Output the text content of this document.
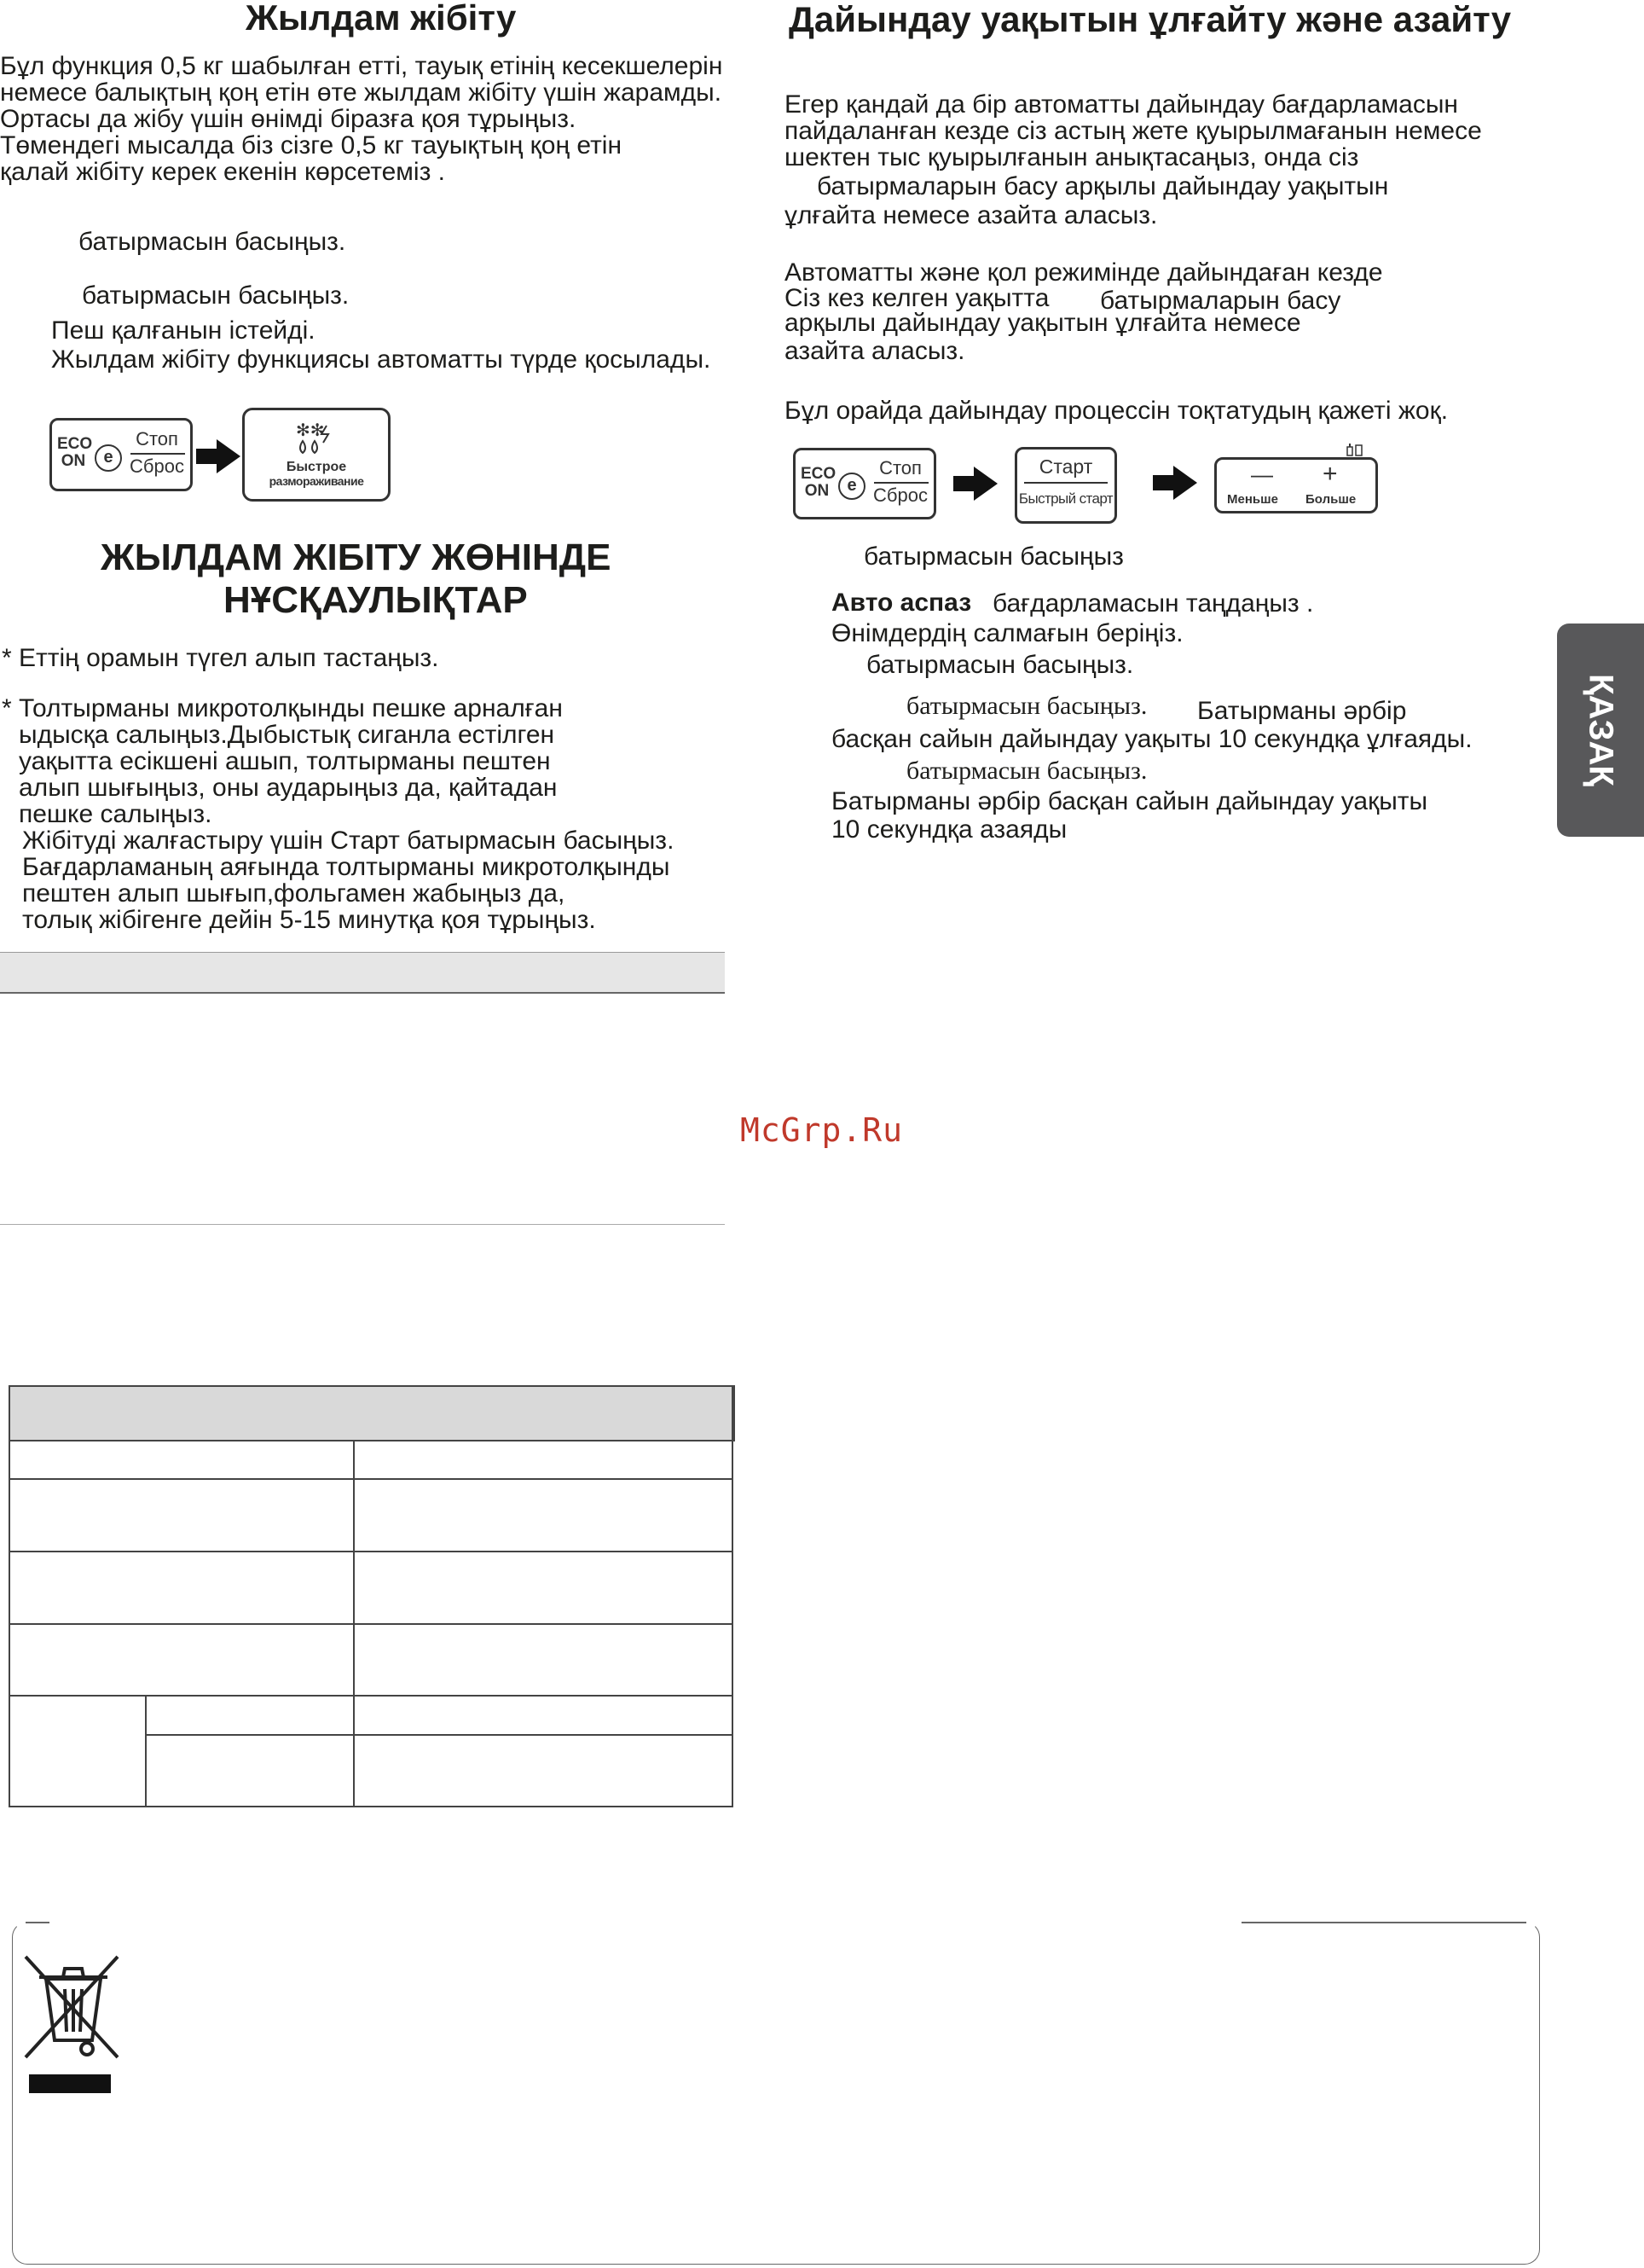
Жылдам жібіту
Бұл функция 0,5 кг шабылған етті, тауық етінің кесекшелерін
немесе балықтың қоң етін өте жылдам жібіту үшін жарамды.
Ортасы да жібу үшін өнімді біразға қоя тұрыңыз.
Төмендегі мысалда біз сізге 0,5 кг тауықтың қоң етін
қалай жібіту керек екенін көрсетеміз .
батырмасын басыңыз.
батырмасын басыңыз.
Пеш қалғанын істейді.
Жылдам жібіту функциясы автоматты түрде қосылады.
ECO
ON	e
Стоп
Сброс
✻✻
Быстрое
размораживание
ЖЫЛДАМ ЖІБІТУ ЖӨНІНДЕ
НҰСҚАУЛЫҚТАР
* Еттің орамын түгел алып тастаңыз.
* Толтырманы микротолқынды пешке арналған
ыдысқа салыңыз.Дыбыстық сиганла естілген
уақытта есікшені ашып, толтырманы пештен
алып шығыңыз, оны аударыңыз да, қайтадан
пешке салыңыз.
Жібітуді жалғастыру үшін Старт батырмасын басыңыз.
Бағдарламаның аяғында толтырманы микротолқынды
пештен алып шығып,фольгамен жабыңыз да,
толық жібігенге дейін 5-15 минутқа қоя тұрыңыз.
Дайындау уақытын ұлғайту және азайту
Егер қандай да бір автоматты дайындау бағдарламасын
пайдаланған кезде сіз астың жете қуырылмағанын немесе
шектен тыс қуырылғанын анықтасаңыз, онда сіз
батырмаларын басу арқылы дайындау уақытын
ұлғайта немесе азайта аласыз.
Автоматты және қол режимінде дайындаған кезде
Сіз кез келген уақытта батырмаларын басу
арқылы дайындау уақытын ұлғайта немесе
азайта аласыз.
Бұл орайда дайындау процессін тоқтатудың қажеті жоқ.
ECO
ON	e
Стоп
Сброс
Старт
Быстрый старт
— +
Меньше Больше
батырмасын басыңыз
Авто аспаз бағдарламасын таңдаңыз .
Өнімдердің салмағын беріңіз.
батырмасын басыңыз.
батырмасын басыңыз. Батырманы әрбір
басқан сайын дайындау уақыты 10 секундқа ұлғаяды.
батырмасын басыңыз.
Батырманы әрбір басқан сайын дайындау уақыты
10 секундқа азаяды
ҚАЗАҚ
McGrp.Ru
